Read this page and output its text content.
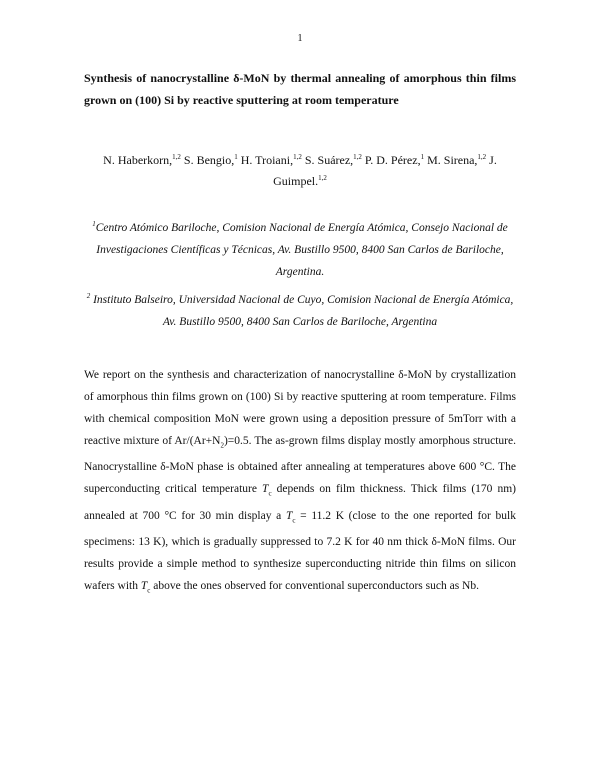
1

Synthesis of nanocrystalline δ-MoN by thermal annealing of amorphous thin films grown on (100) Si by reactive sputtering at room temperature

N. Haberkorn,$^{1,2}$ S. Bengio,$^1$ H. Troiani,$^{1,2}$ S. Suárez,$^{1,2}$ P. D. Pérez,$^1$ M. Sirena,$^{1,2}$ J. Guimpel.$^{1,2}$
$^1$Centro Atómico Bariloche, Comision Nacional de Energía Atómica, Consejo Nacional de Investigaciones Científicas y Técnicas, Av. Bustillo 9500, 8400 San Carlos de Bariloche, Argentina.
$^2$ Instituto Balseiro, Universidad Nacional de Cuyo, Comision Nacional de Energía Atómica, Av. Bustillo 9500, 8400 San Carlos de Bariloche, Argentina

We report on the synthesis and characterization of nanocrystalline δ-MoN by crystallization of amorphous thin films grown on (100) Si by reactive sputtering at room temperature. Films with chemical composition MoN were grown using a deposition pressure of 5mTorr with a reactive mixture of $Ar/(Ar+N_2)=0.5$. The as-grown films display mostly amorphous structure. Nanocrystalline δ-MoN phase is obtained after annealing at temperatures above 600 °C. The superconducting critical temperature $T_c$ depends on film thickness. Thick films (170 nm) annealed at 700 °C for 30 min display a $T_c = 11.2$ K (close to the one reported for bulk specimens: 13 K), which is gradually suppressed to 7.2 K for 40 nm thick δ-MoN films. Our results provide a simple method to synthesize superconducting nitride thin films on silicon wafers with $T_c$ above the ones observed for conventional superconductors such as Nb.
